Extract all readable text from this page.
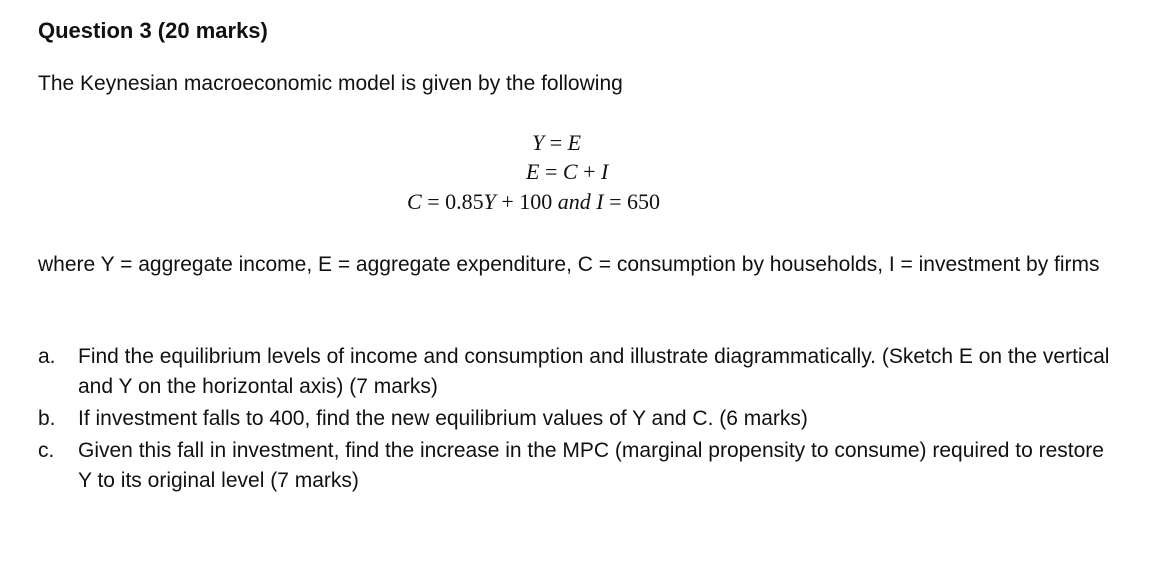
Question 3 (20 marks)
The Keynesian macroeconomic model is given by the following
Y = E
E = C + I
C = 0.85Y + 100 and I = 650
where Y = aggregate income, E = aggregate expenditure, C = consumption by households, I = investment by firms
a.	Find the equilibrium levels of income and consumption and illustrate diagrammatically. (Sketch E on the vertical and Y on the horizontal axis) (7 marks)
b.	If investment falls to 400, find the new equilibrium values of Y and C. (6 marks)
c.	Given this fall in investment, find the increase in the MPC (marginal propensity to consume) required to restore Y to its original level (7 marks)
